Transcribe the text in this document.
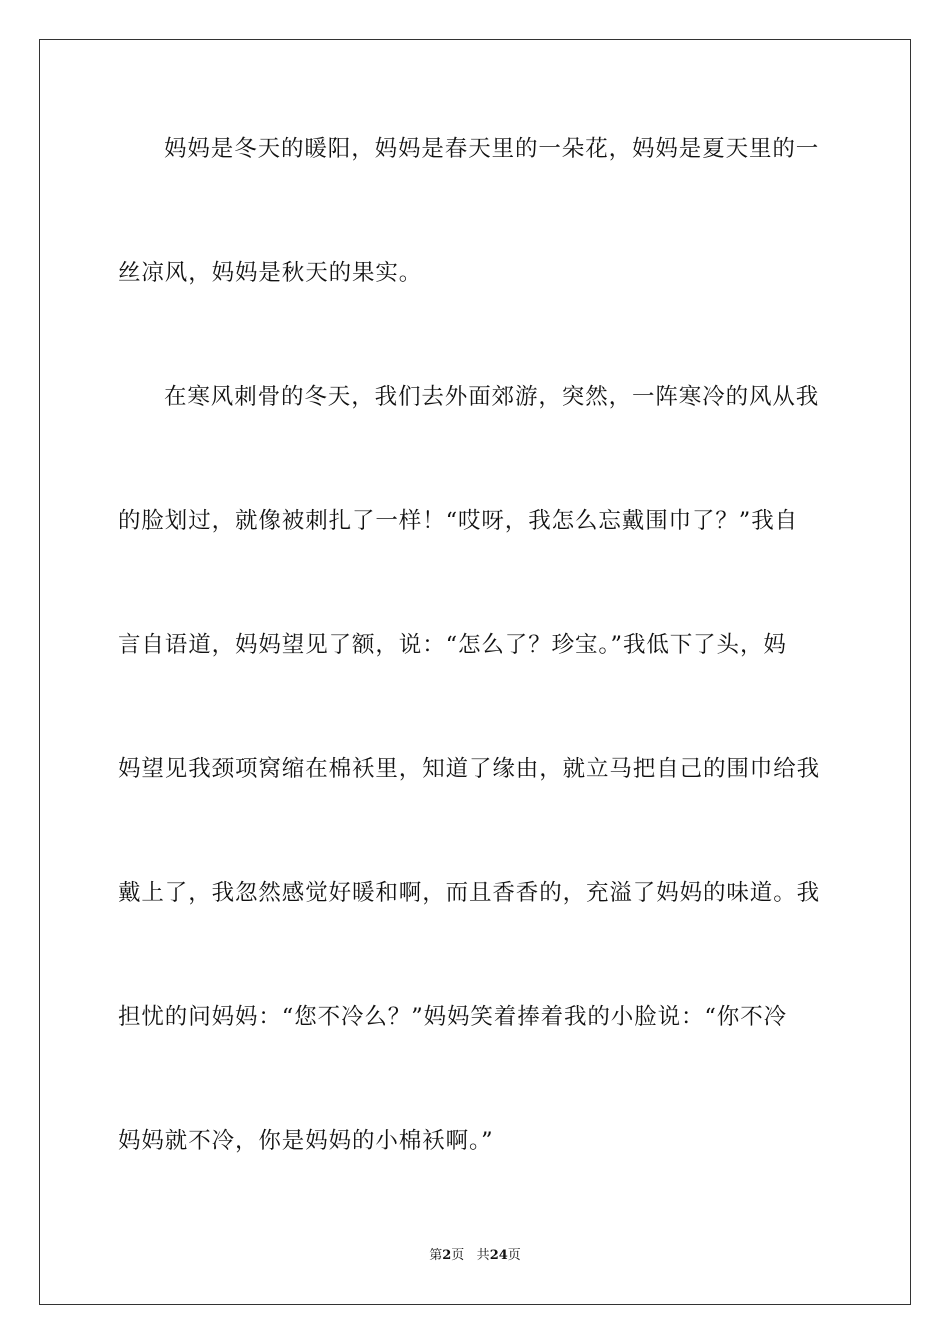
妈妈是冬天的暖阳，妈妈是春天里的一朵花，妈妈是夏天里的一
丝凉风，妈妈是秋天的果实。
在寒风刺骨的冬天，我们去外面郊游，突然，一阵寒冷的风从我
的脸划过，就像被刺扎了一样！“哎呀，我怎么忘戴围巾了？”我自
言自语道，妈妈望见了额，说：“怎么了？珍宝。”我低下了头，妈
妈望见我颈项窝缩在棉袄里，知道了缘由，就立马把自己的围巾给我
戴上了，我忽然感觉好暖和啊，而且香香的，充溢了妈妈的味道。我
担忧的问妈妈：“您不冷么？”妈妈笑着捧着我的小脸说：“你不冷
妈妈就不冷，你是妈妈的小棉袄啊。”
第2页 共24页
